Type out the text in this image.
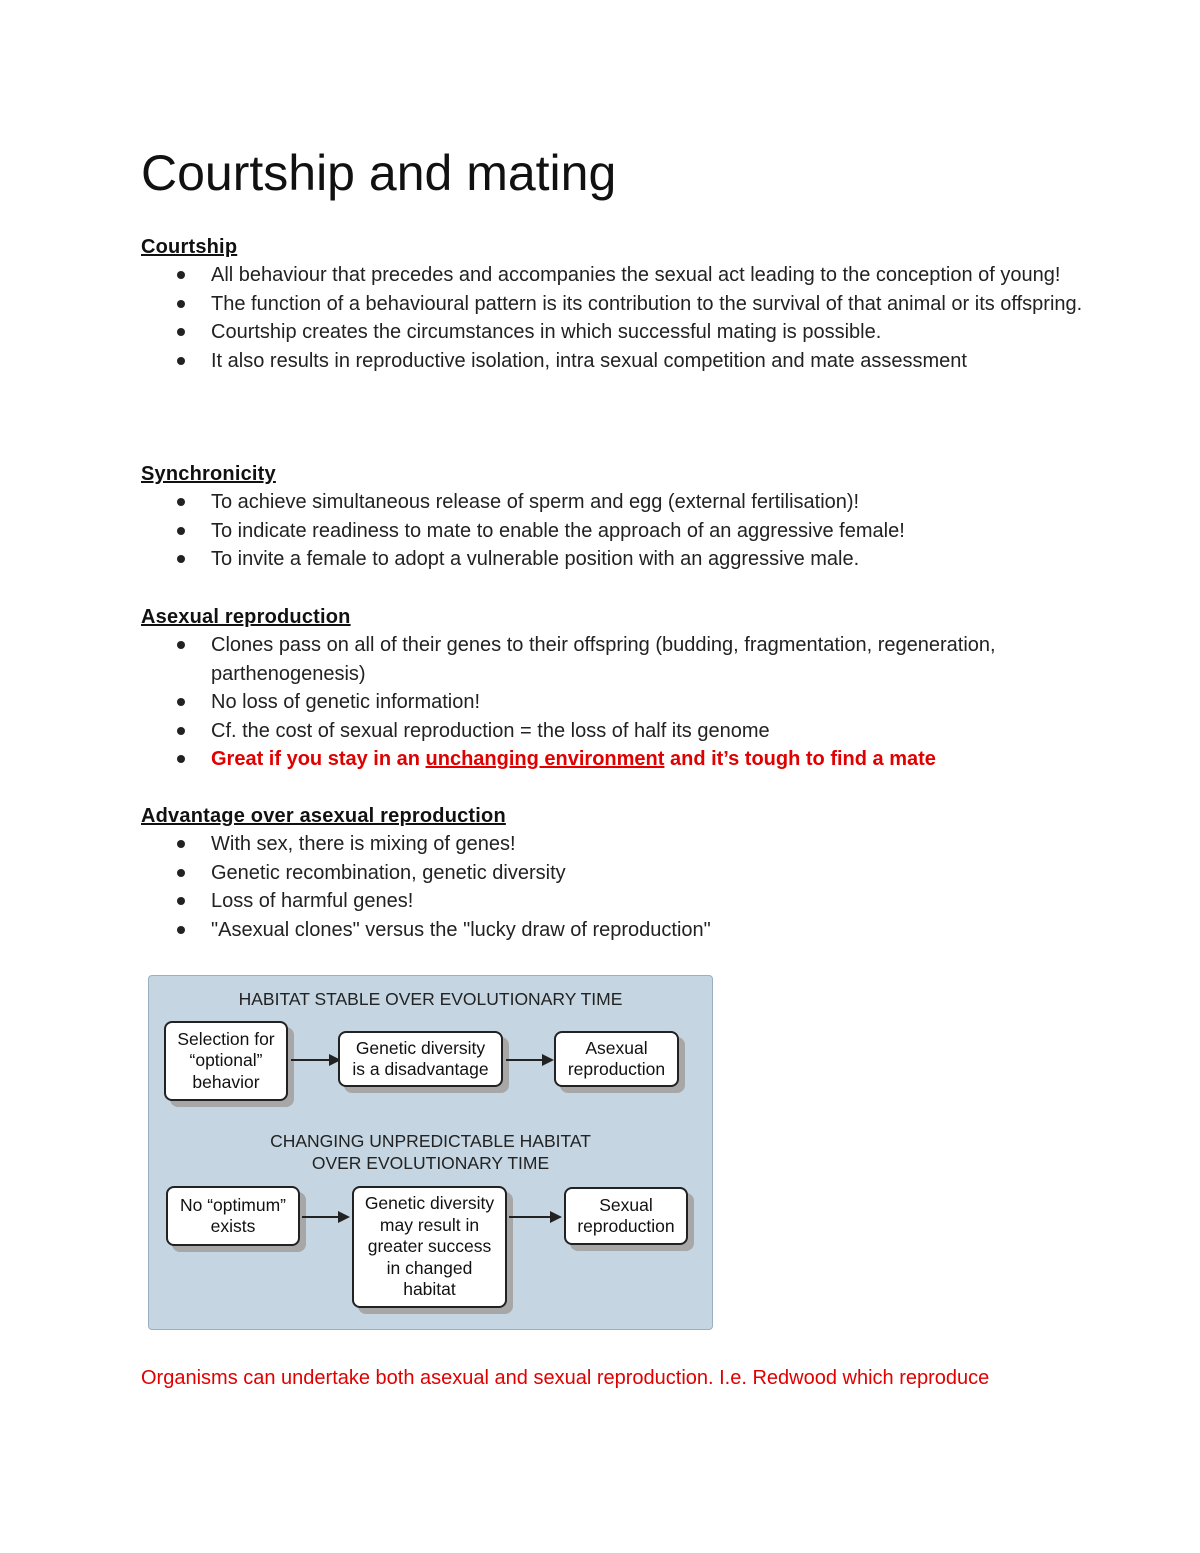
Courtship and mating
Courtship
All behaviour that precedes and accompanies the sexual act leading to the conception of young!
The function of a behavioural pattern is its contribution to the survival of that animal or its offspring.
Courtship creates the circumstances in which successful mating is possible.
It also results in reproductive isolation, intra sexual competition and mate assessment
Synchronicity
To achieve simultaneous release of sperm and egg (external fertilisation)!
To indicate readiness to mate to enable the approach of an aggressive female!
To invite a female to adopt a vulnerable position with an aggressive male.
Asexual reproduction
Clones pass on all of their genes to their offspring (budding, fragmentation, regeneration, parthenogenesis)
No loss of genetic information!
Cf. the cost of sexual reproduction = the loss of half its genome
Great if you stay in an unchanging environment and it’s tough to find a mate
Advantage over asexual reproduction
With sex, there is mixing of genes!
Genetic recombination, genetic diversity
Loss of harmful genes!
"Asexual clones" versus the "lucky draw of reproduction"
HABITAT STABLE OVER EVOLUTIONARY TIME
Selection for
“optional”
behavior
Genetic diversity
is a disadvantage
Asexual
reproduction
CHANGING UNPREDICTABLE HABITAT
OVER EVOLUTIONARY TIME
No “optimum”
exists
Genetic diversity
may result in
greater success
in changed
habitat
Sexual
reproduction
Organisms can undertake both asexual and sexual reproduction. I.e. Redwood which reproduce
